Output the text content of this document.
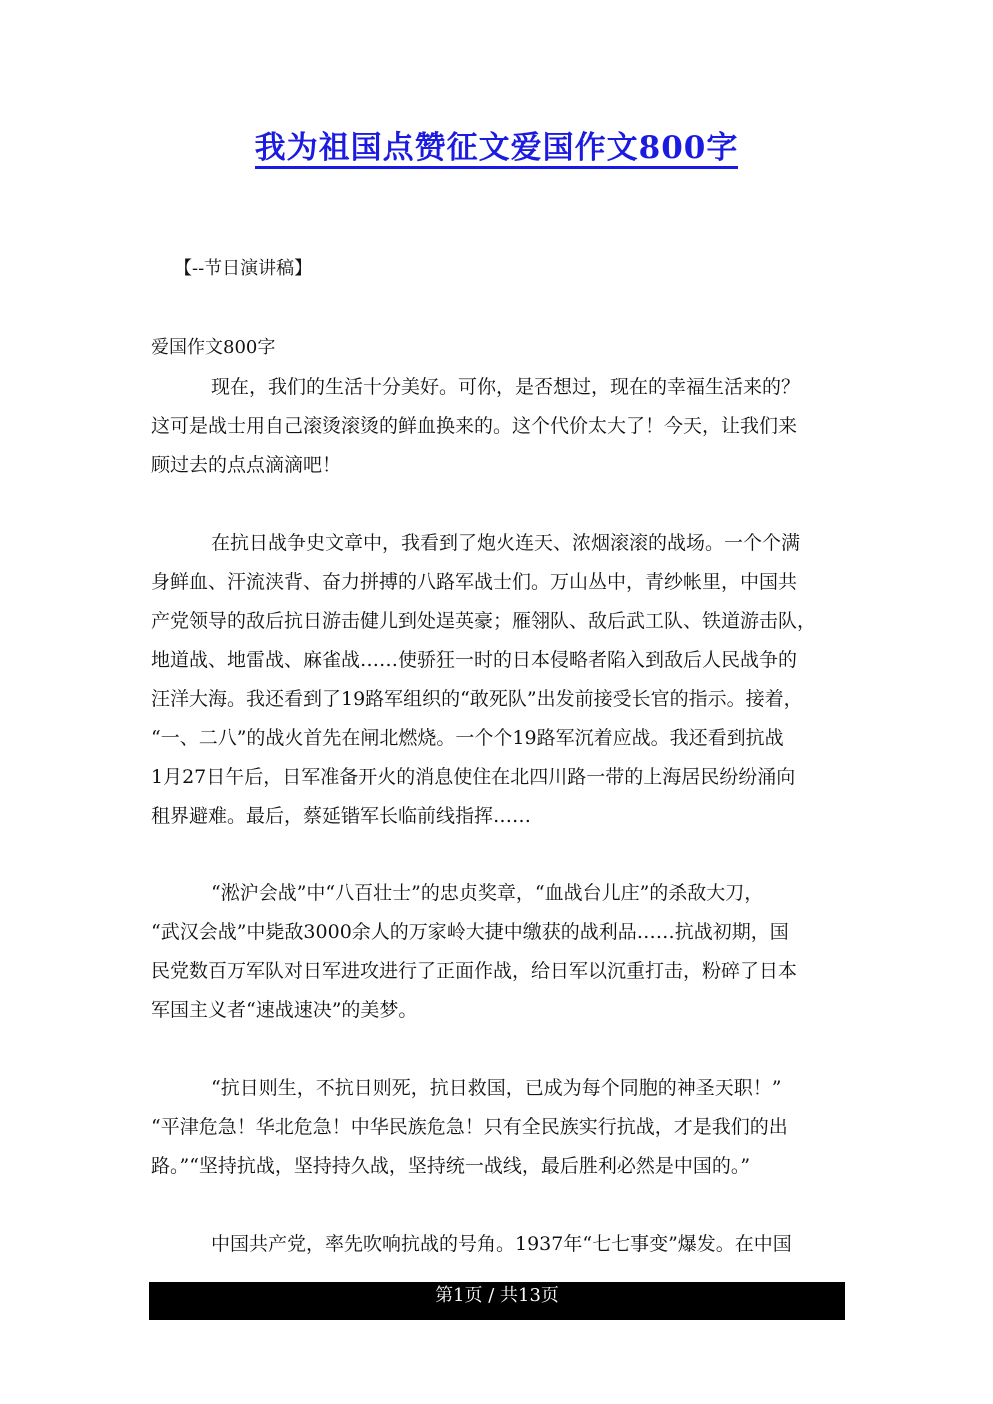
我为祖国点赞征文爱国作文800字

【--节日演讲稿】

爱国作文800字

现在，我们的生活十分美好。可你，是否想过，现在的幸福生活来的？
这可是战士用自己滚烫滚烫的鲜血换来的。这个代价太大了！今天，让我们来
顾过去的点点滴滴吧！
在抗日战争史文章中，我看到了炮火连天、浓烟滚滚的战场。一个个满
身鲜血、汗流浃背、奋力拼搏的八路军战士们。万山丛中，青纱帐里，中国共
产党领导的敌后抗日游击健儿到处逞英豪；雁翎队、敌后武工队、铁道游击队，
地道战、地雷战、麻雀战……使骄狂一时的日本侵略者陷入到敌后人民战争的
汪洋大海。我还看到了19路军组织的“敢死队”出发前接受长官的指示。接着，
“一、二八”的战火首先在闸北燃烧。一个个19路军沉着应战。我还看到抗战
1月27日午后，日军准备开火的消息使住在北四川路一带的上海居民纷纷涌向
租界避难。最后，蔡延锴军长临前线指挥……
“淞沪会战”中“八百壮士”的忠贞奖章，“血战台儿庄”的杀敌大刀，
“武汉会战”中毙敌3000余人的万家岭大捷中缴获的战利品……抗战初期，国
民党数百万军队对日军进攻进行了正面作战，给日军以沉重打击，粉碎了日本
军国主义者“速战速决”的美梦。
“抗日则生，不抗日则死，抗日救国，已成为每个同胞的神圣天职！”
“平津危急！华北危急！中华民族危急！只有全民族实行抗战，才是我们的出
路。”“坚持抗战，坚持持久战，坚持统一战线，最后胜利必然是中国的。”
中国共产党，率先吹响抗战的号角。1937年“七七事变”爆发。在中国
第1页 / 共13页
